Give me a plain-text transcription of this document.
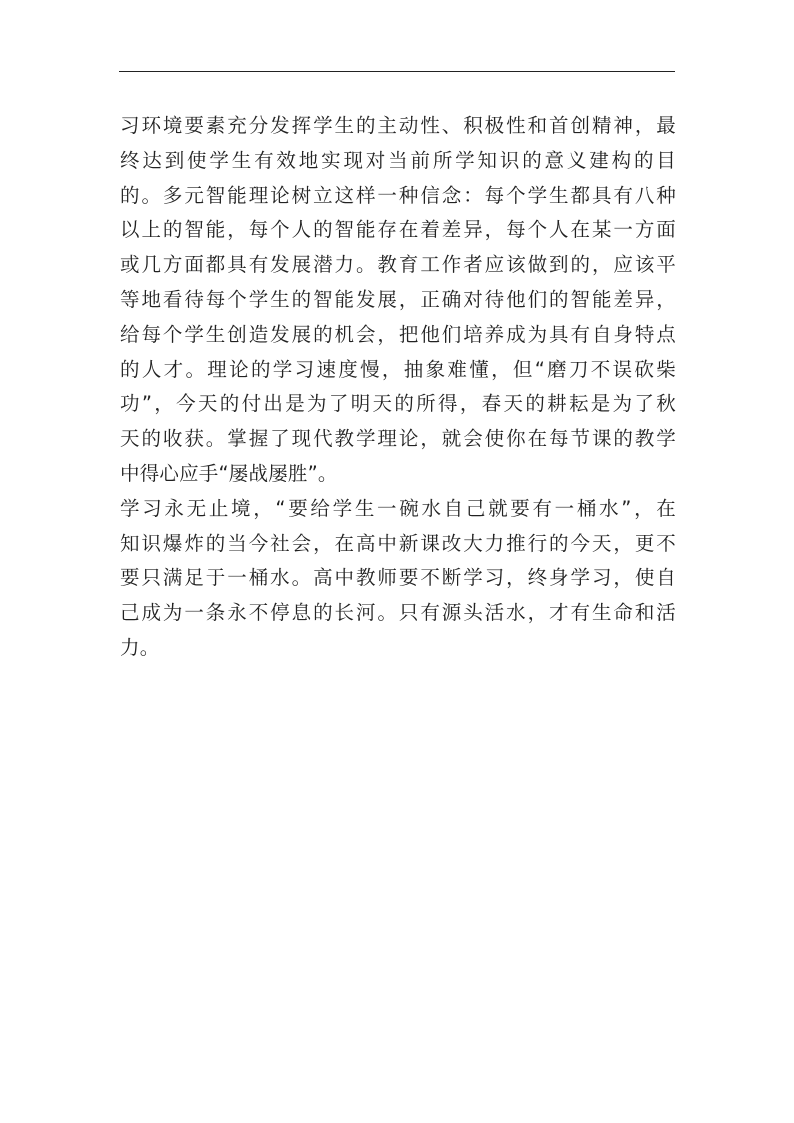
习环境要素充分发挥学生的主动性、积极性和首创精神，最
终达到使学生有效地实现对当前所学知识的意义建构的目
的。多元智能理论树立这样一种信念：每个学生都具有八种
以上的智能，每个人的智能存在着差异，每个人在某一方面
或几方面都具有发展潜力。教育工作者应该做到的，应该平
等地看待每个学生的智能发展，正确对待他们的智能差异，
给每个学生创造发展的机会，把他们培养成为具有自身特点
的人才。理论的学习速度慢，抽象难懂，但“磨刀不误砍柴
功”，今天的付出是为了明天的所得，春天的耕耘是为了秋
天的收获。掌握了现代教学理论，就会使你在每节课的教学
中得心应手“屡战屡胜”。
学习永无止境，“要给学生一碗水自己就要有一桶水”，在
知识爆炸的当今社会，在高中新课改大力推行的今天，更不
要只满足于一桶水。高中教师要不断学习，终身学习，使自
己成为一条永不停息的长河。只有源头活水，才有生命和活
力。
